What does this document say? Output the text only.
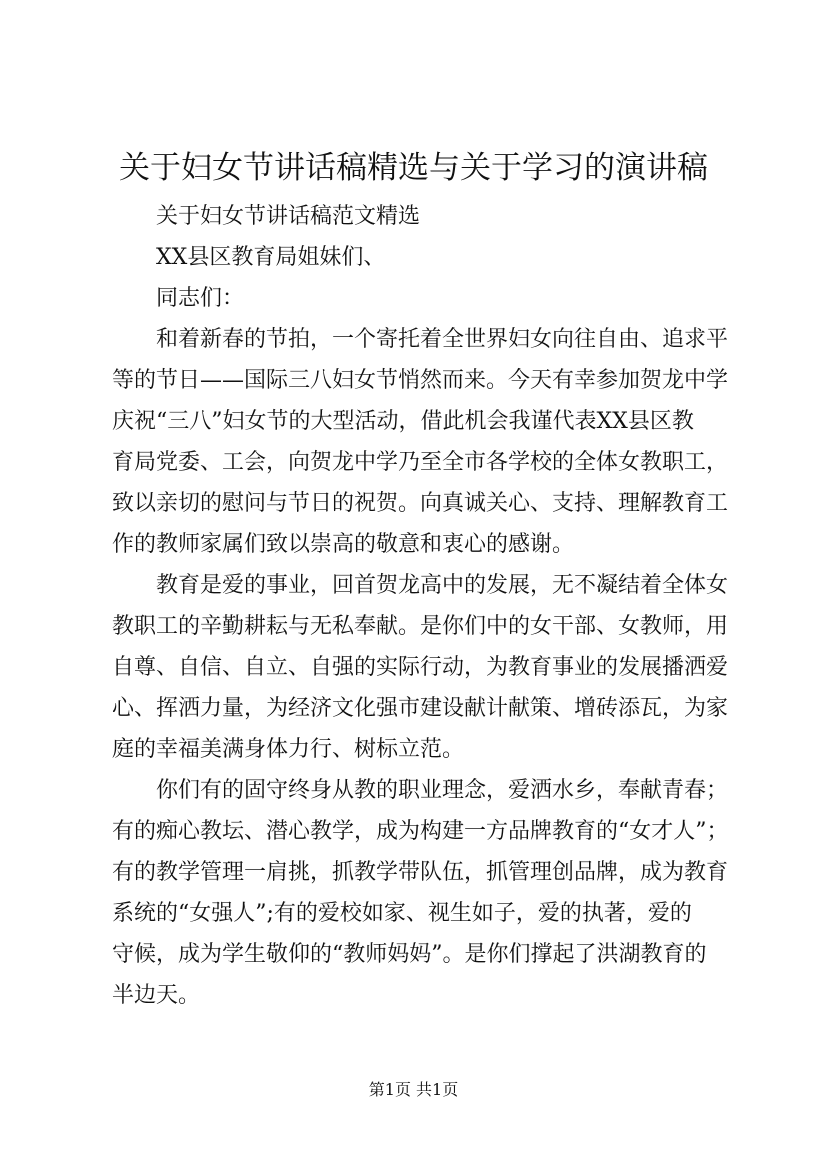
关于妇女节讲话稿精选与关于学习的演讲稿

关于妇女节讲话稿范文精选

XX县区教育局姐妹们、

同志们：

和着新春的节拍，一个寄托着全世界妇女向往自由、追求平

等的节日——国际三八妇女节悄然而来。今天有幸参加贺龙中学

庆祝“三八”妇女节的大型活动，借此机会我谨代表XX县区教

育局党委、工会，向贺龙中学乃至全市各学校的全体女教职工，

致以亲切的慰问与节日的祝贺。向真诚关心、支持、理解教育工

作的教师家属们致以崇高的敬意和衷心的感谢。

教育是爱的事业，回首贺龙高中的发展，无不凝结着全体女

教职工的辛勤耕耘与无私奉献。是你们中的女干部、女教师，用

自尊、自信、自立、自强的实际行动，为教育事业的发展播洒爱

心、挥洒力量，为经济文化强市建设献计献策、增砖添瓦，为家

庭的幸福美满身体力行、树标立范。

你们有的固守终身从教的职业理念，爱洒水乡，奉献青春；

有的痴心教坛、潜心教学，成为构建一方品牌教育的“女才人”；

有的教学管理一肩挑，抓教学带队伍，抓管理创品牌，成为教育

系统的“女强人”;有的爱校如家、视生如子，爱的执著，爱的

守候，成为学生敬仰的“教师妈妈”。是你们撑起了洪湖教育的

半边天。

第1页 共1页
